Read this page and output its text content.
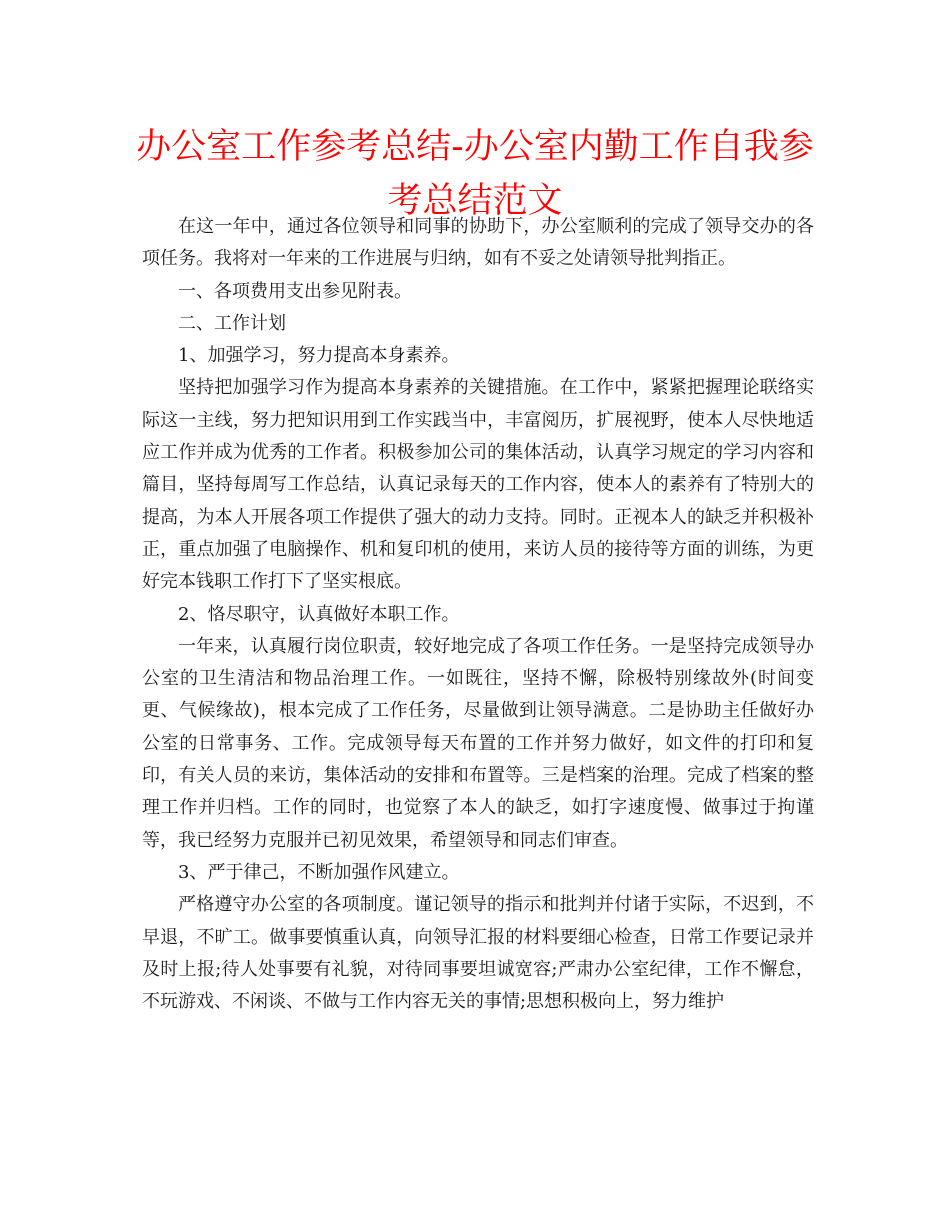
办公室工作参考总结-办公室内勤工作自我参考总结范文

在这一年中，通过各位领导和同事的协助下，办公室顺利的完成了领导交办的各项任务。我将对一年来的工作进展与归纳，如有不妥之处请领导批判指正。

一、各项费用支出参见附表。

二、工作计划

1、加强学习，努力提高本身素养。

坚持把加强学习作为提高本身素养的关键措施。在工作中，紧紧把握理论联络实际这一主线，努力把知识用到工作实践当中，丰富阅历，扩展视野，使本人尽快地适应工作并成为优秀的工作者。积极参加公司的集体活动，认真学习规定的学习内容和篇目，坚持每周写工作总结，认真记录每天的工作内容，使本人的素养有了特别大的提高，为本人开展各项工作提供了强大的动力支持。同时。正视本人的缺乏并积极补正，重点加强了电脑操作、机和复印机的使用，来访人员的接待等方面的训练，为更好完本钱职工作打下了坚实根底。

2、恪尽职守，认真做好本职工作。

一年来，认真履行岗位职责，较好地完成了各项工作任务。一是坚持完成领导办公室的卫生清洁和物品治理工作。一如既往，坚持不懈，除极特别缘故外(时间变更、气候缘故)，根本完成了工作任务，尽量做到让领导满意。二是协助主任做好办公室的日常事务、工作。完成领导每天布置的工作并努力做好，如文件的打印和复印，有关人员的来访，集体活动的安排和布置等。三是档案的治理。完成了档案的整理工作并归档。工作的同时，也觉察了本人的缺乏，如打字速度慢、做事过于拘谨等，我已经努力克服并已初见效果，希望领导和同志们审查。

3、严于律己，不断加强作风建立。

严格遵守办公室的各项制度。谨记领导的指示和批判并付诸于实际，不迟到，不早退，不旷工。做事要慎重认真，向领导汇报的材料要细心检查，日常工作要记录并及时上报;待人处事要有礼貌，对待同事要坦诚宽容;严肃办公室纪律，工作不懈怠，不玩游戏、不闲谈、不做与工作内容无关的事情;思想积极向上，努力维护
